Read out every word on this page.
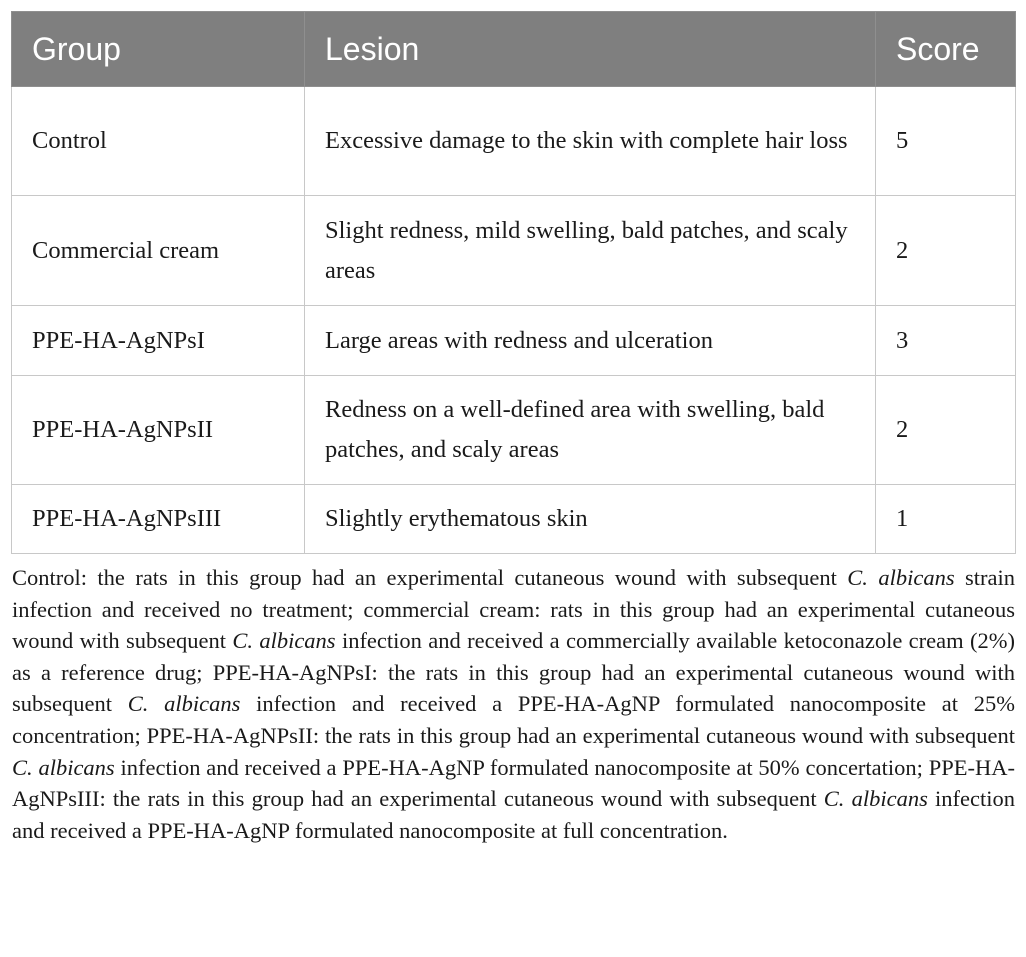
Group	Lesion	Score
Control	Excessive damage to the skin with complete hair loss	5
Commercial cream	Slight redness, mild swelling, bald patches, and scaly areas	2
PPE-HA-AgNPsI	Large areas with redness and ulceration	3
PPE-HA-AgNPsII	Redness on a well-defined area with swelling, bald patches, and scaly areas	2
PPE-HA-AgNPsIII	Slightly erythematous skin	1

Control: the rats in this group had an experimental cutaneous wound with subsequent C. albicans strain infection and received no treatment; commercial cream: rats in this group had an experimental cutaneous wound with subsequent C. albicans infection and received a commercially available ketoconazole cream (2%) as a reference drug; PPE-HA-AgNPsI: the rats in this group had an experimental cutaneous wound with subsequent C. albicans infection and received a PPE-HA-AgNP formulated nanocomposite at 25% concentration; PPE-HA-AgNPsII: the rats in this group had an experimental cutaneous wound with subsequent C. albicans infection and received a PPE-HA-AgNP formulated nanocomposite at 50% concertation; PPE-HA-AgNPsIII: the rats in this group had an experimental cutaneous wound with subsequent C. albicans infection and received a PPE-HA-AgNP formulated nanocomposite at full concentration.
